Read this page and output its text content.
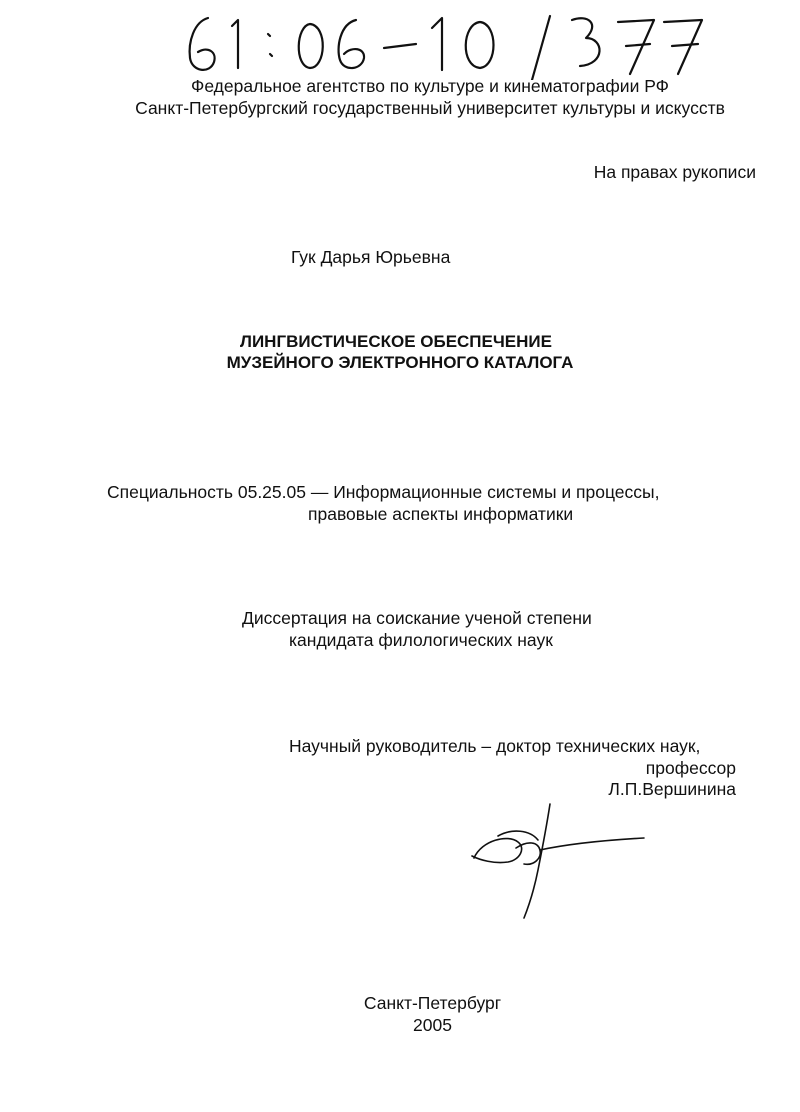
Федеральное агентство по культуре и кинематографии РФ
Санкт-Петербургский государственный университет культуры и искусств
На правах рукописи
Гук Дарья Юрьевна
ЛИНГВИСТИЧЕСКОЕ ОБЕСПЕЧЕНИЕ
МУЗЕЙНОГО ЭЛЕКТРОННОГО КАТАЛОГА
Специальность 05.25.05 — Информационные системы и процессы,
правовые аспекты информатики
Диссертация на соискание ученой степени
кандидата филологических наук
Научный руководитель – доктор технических наук,
профессор
Л.П.Вершинина
Санкт-Петербург
2005
